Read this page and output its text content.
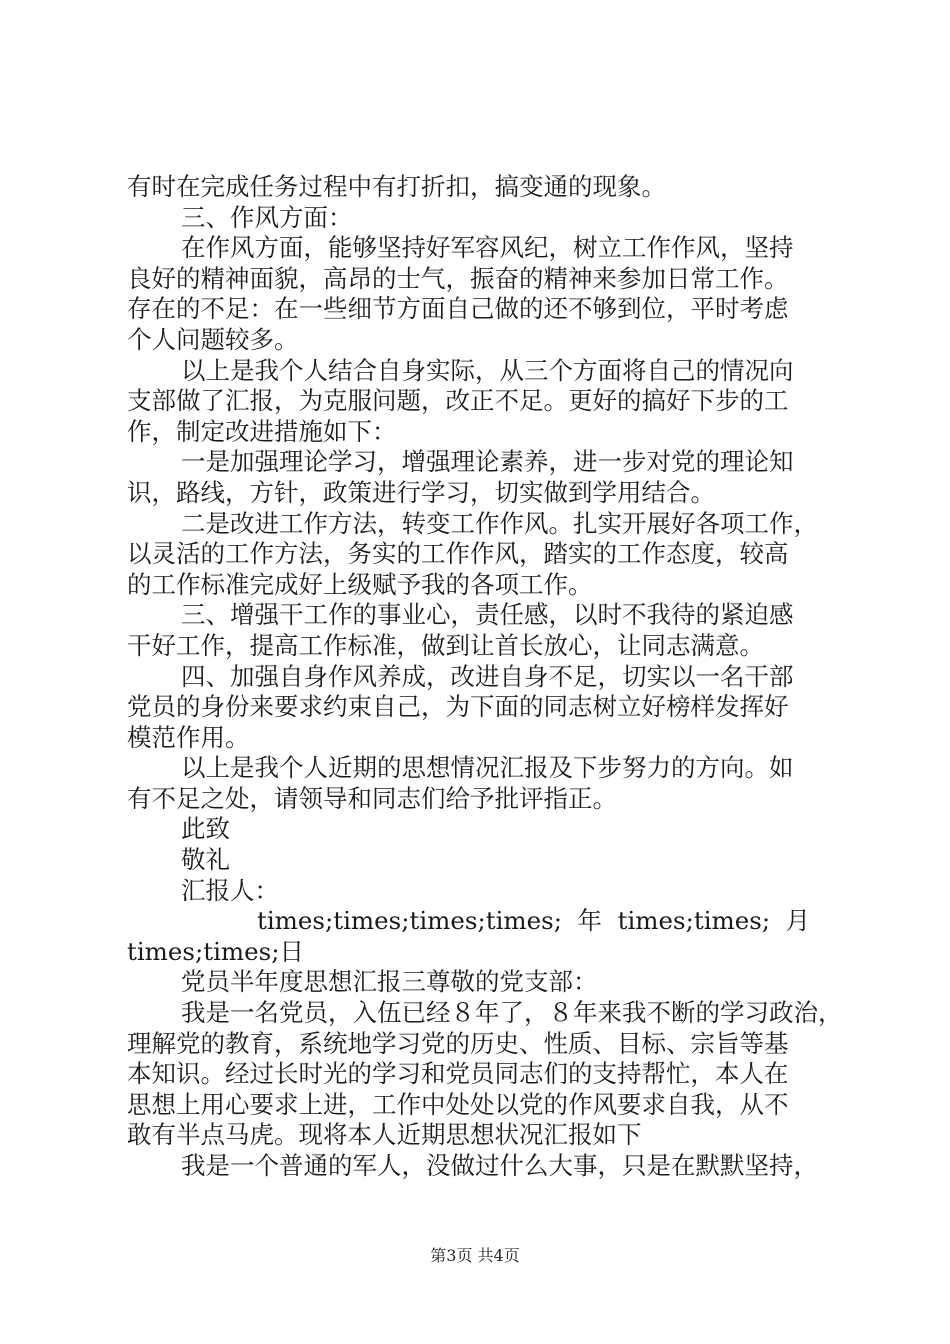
有时在完成任务过程中有打折扣，搞变通的现象。
三、作风方面：
在作风方面，能够坚持好军容风纪，树立工作作风，坚持
良好的精神面貌，高昂的士气，振奋的精神来参加日常工作。
存在的不足：在一些细节方面自己做的还不够到位，平时考虑
个人问题较多。
以上是我个人结合自身实际，从三个方面将自己的情况向
支部做了汇报，为克服问题，改正不足。更好的搞好下步的工
作，制定改进措施如下：
一是加强理论学习，增强理论素养，进一步对党的理论知
识，路线，方针，政策进行学习，切实做到学用结合。
二是改进工作方法，转变工作作风。扎实开展好各项工作，
以灵活的工作方法，务实的工作作风，踏实的工作态度，较高
的工作标准完成好上级赋予我的各项工作。
三、增强干工作的事业心，责任感，以时不我待的紧迫感
干好工作，提高工作标准，做到让首长放心，让同志满意。
四、加强自身作风养成，改进自身不足，切实以一名干部
党员的身份来要求约束自己，为下面的同志树立好榜样发挥好
模范作用。
以上是我个人近期的思想情况汇报及下步努力的方向。如
有不足之处，请领导和同志们给予批评指正。
此致
敬礼
汇报人：
times;times;times;times;  年  times;times;  月
times;times;日
党员半年度思想汇报三尊敬的党支部：
我是一名党员，入伍已经８年了，８年来我不断的学习政治，
理解党的教育，系统地学习党的历史、性质、目标、宗旨等基
本知识。经过长时光的学习和党员同志们的支持帮忙，本人在
思想上用心要求上进，工作中处处以党的作风要求自我，从不
敢有半点马虎。现将本人近期思想状况汇报如下
我是一个普通的军人，没做过什么大事，只是在默默坚持，
第3页 共4页
